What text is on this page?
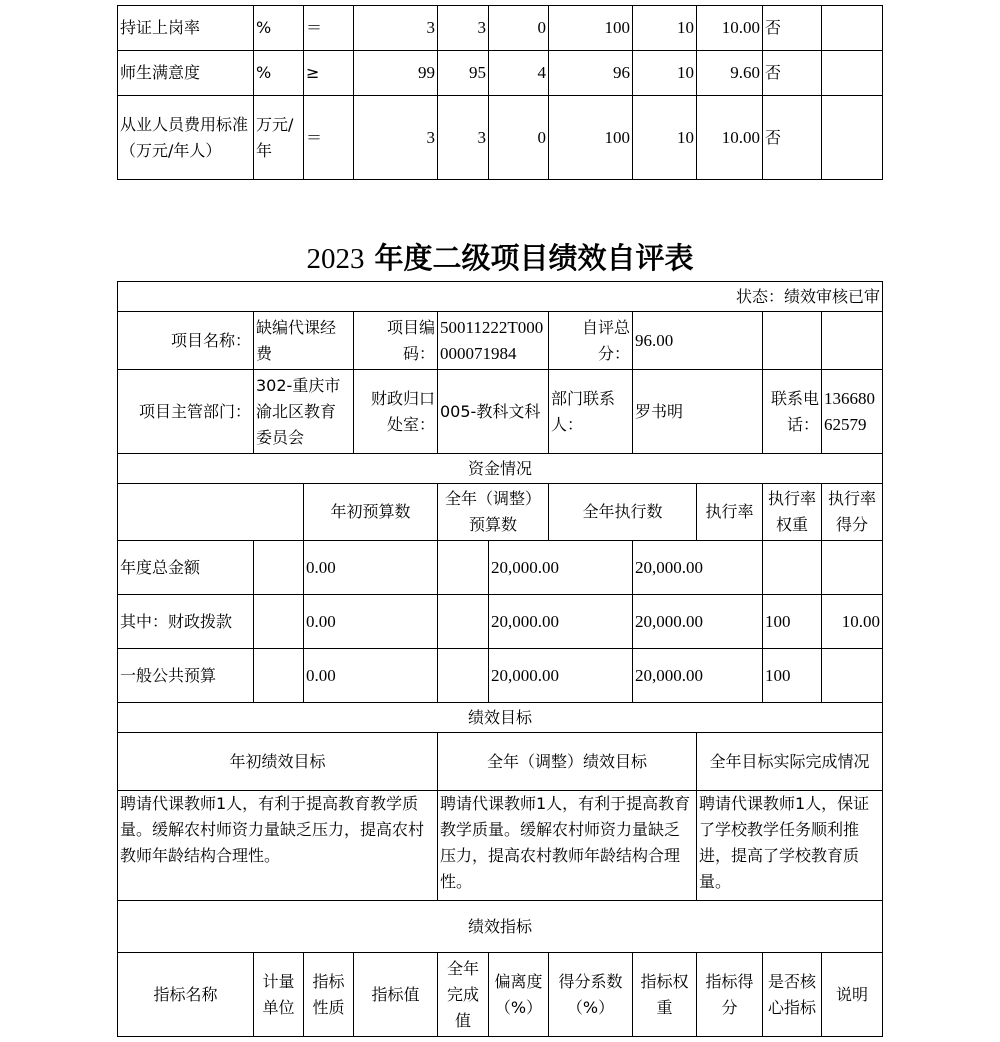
持证上岗率	%	＝	3	3	0	100	10	10.00	否	
师生满意度	%	≥	99	95	4	96	10	9.60	否	
从业人员费用标准（万元/年人）	万元/年	＝	3	3	0	100	10	10.00	否	
2023 年度二级项目绩效自评表
状态：绩效审核已审										
项目名称：	缺编代课经费		项目编码：	50011222T000000071984		自评总分：	96.00			
项目主管部门：	302-重庆市渝北区教育委员会		财政归口处室：	005-教科文科		部门联系人：	罗书明		联系电话：	13668062579
资金情况										
		年初预算数		全年（调整）预算数		全年执行数		执行率	执行率权重	执行率得分
年度总金额		0.00			20,000.00		20,000.00			
其中：财政拨款		0.00			20,000.00		20,000.00		100	10.00
一般公共预算		0.00			20,000.00		20,000.00		100	
绩效目标										
年初绩效目标				全年（调整）绩效目标				全年目标实际完成情况		
聘请代课教师1人，有利于提高教育教学质量。缓解农村师资力量缺乏压力，提高农村教师年龄结构合理性。				聘请代课教师1人，有利于提高教育教学质量。缓解农村师资力量缺乏压力，提高农村教师年龄结构合理性。				聘请代课教师1人，保证了学校教学任务顺利推进，提高了学校教育质量。		
绩效指标										
指标名称	计量单位	指标性质	指标值	全年完成值	偏离度（%）	得分系数（%）	指标权重	指标得分	是否核心指标	说明
